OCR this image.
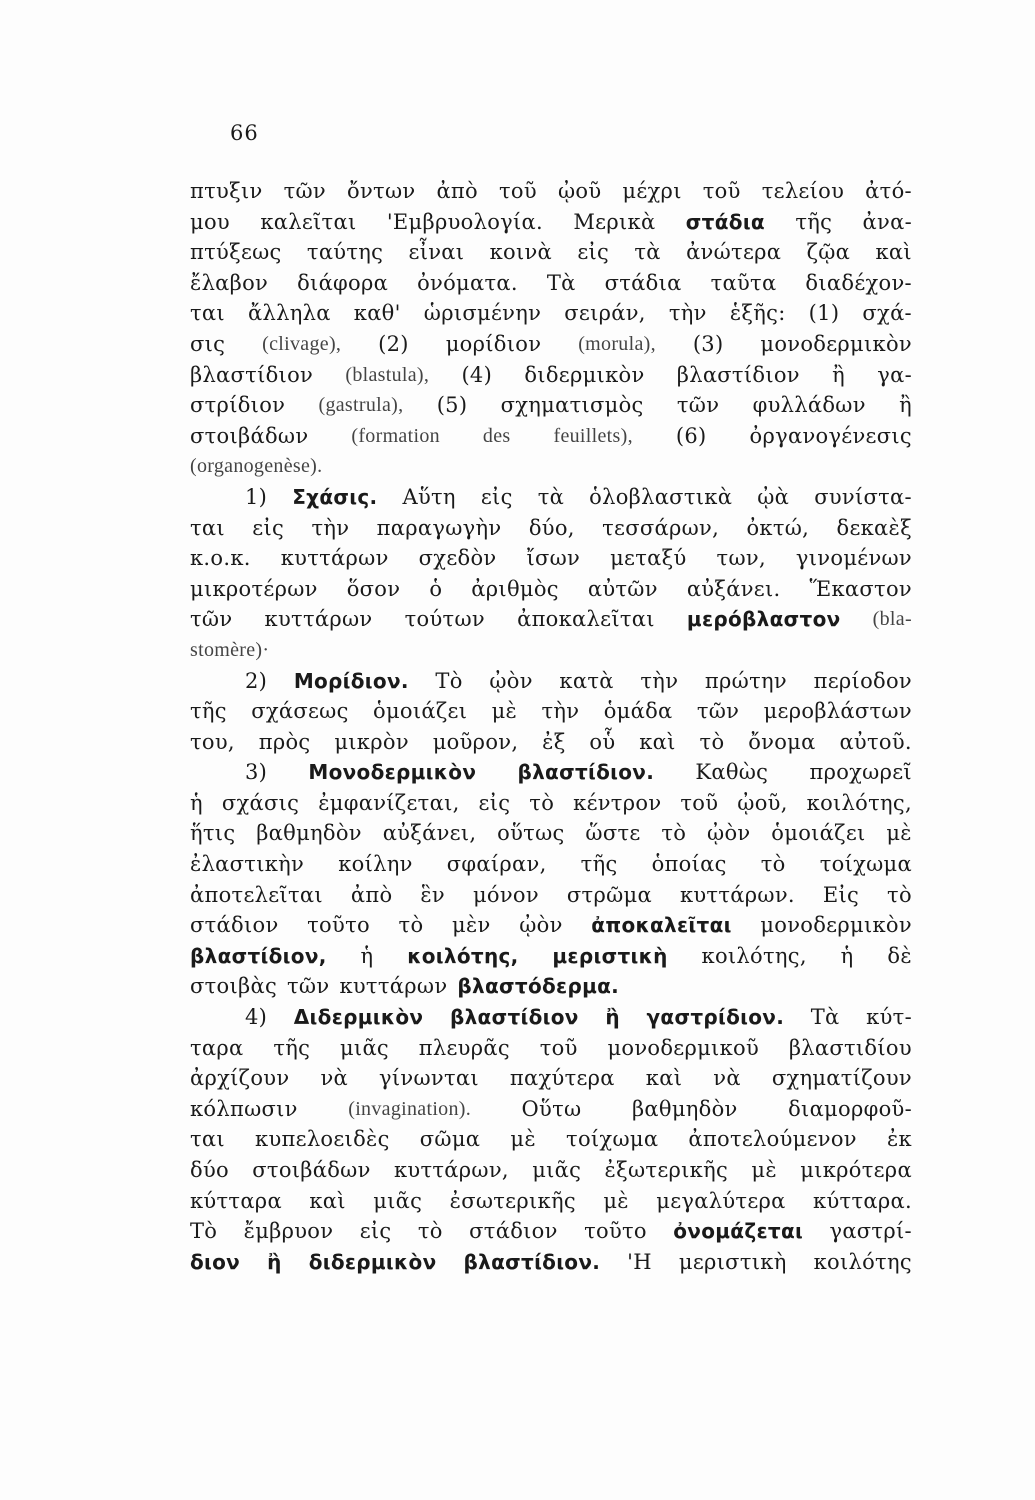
66
πτυξιν τῶν ὄντων ἀπὸ τοῦ ᾠοῦ μέχρι τοῦ τελείου ἀτό-
μου καλεῖται 'Εμβρυολογία. Μερικὰ στάδια τῆς ἀνα-
πτύξεως ταύτης εἶναι κοινὰ εἰς τὰ ἀνώτερα ζῷα καὶ
ἔλαβον διάφορα ὀνόματα. Τὰ στάδια ταῦτα διαδέχον-
ται ἄλληλα καθ' ὡρισμένην σειράν, τὴν ἑξῆς: (1) σχά-
σις (clivage), (2) μορίδιον (morula), (3) μονοδερμικὸν
βλαστίδιον (blastula), (4) διδερμικὸν βλαστίδιον ἢ γα-
στρίδιον (gastrula), (5) σχηματισμὸς τῶν φυλλάδων ἢ
στοιβάδων (formation des feuillets), (6) ὀργανογένεσις
(organogenèse).
1) Σχάσις. Αὕτη εἰς τὰ ὁλοβλαστικὰ ᾠὰ συνίστα-
ται εἰς τὴν παραγωγὴν δύο, τεσσάρων, ὀκτώ, δεκαὲξ
κ.ο.κ. κυττάρων σχεδὸν ἴσων μεταξύ των, γινομένων
μικροτέρων ὅσον ὁ ἀριθμὸς αὐτῶν αὐξάνει. Ἕκαστον
τῶν κυττάρων τούτων ἀποκαλεῖται μερόβλαστον (bla-
stomère)·
2) Μορίδιον. Τὸ ᾠὸν κατὰ τὴν πρώτην περίοδον
τῆς σχάσεως ὁμοιάζει μὲ τὴν ὁμάδα τῶν μεροβλάστων
του, πρὸς μικρὸν μοῦρον, ἐξ οὗ καὶ τὸ ὄνομα αὐτοῦ.
3) Μονοδερμικὸν βλαστίδιον. Καθὼς προχωρεῖ
ἡ σχάσις ἐμφανίζεται, εἰς τὸ κέντρον τοῦ ᾠοῦ, κοιλότης,
ἥτις βαθμηδὸν αὐξάνει, οὕτως ὥστε τὸ ᾠὸν ὁμοιάζει μὲ
ἐλαστικὴν κοίλην σφαίραν, τῆς ὁποίας τὸ τοίχωμα
ἀποτελεῖται ἀπὸ ἓν μόνον στρῶμα κυττάρων. Εἰς τὸ
στάδιον τοῦτο τὸ μὲν ᾠὸν ἀποκαλεῖται μονοδερμικὸν
βλαστίδιον, ἡ κοιλότης, μεριστικὴ κοιλότης, ἡ δὲ
στοιβὰς τῶν κυττάρων βλαστόδερμα.
4) Διδερμικὸν βλαστίδιον ἢ γαστρίδιον. Τὰ κύτ-
ταρα τῆς μιᾶς πλευρᾶς τοῦ μονοδερμικοῦ βλαστιδίου
ἀρχίζουν νὰ γίνωνται παχύτερα καὶ νὰ σχηματίζουν
κόλπωσιν	(invagination). Οὕτω βαθμηδὸν διαμορφοῦ-
ται κυπελοειδὲς σῶμα μὲ τοίχωμα ἀποτελούμενον ἐκ
δύο στοιβάδων κυττάρων, μιᾶς ἐξωτερικῆς μὲ μικρότερα
κύτταρα καὶ μιᾶς ἐσωτερικῆς μὲ μεγαλύτερα κύτταρα.
Τὸ ἔμβρυον εἰς τὸ στάδιον τοῦτο ὀνομάζεται γαστρί-
διον ἢ διδερμικὸν βλαστίδιον. 'Η μεριστικὴ κοιλότης
